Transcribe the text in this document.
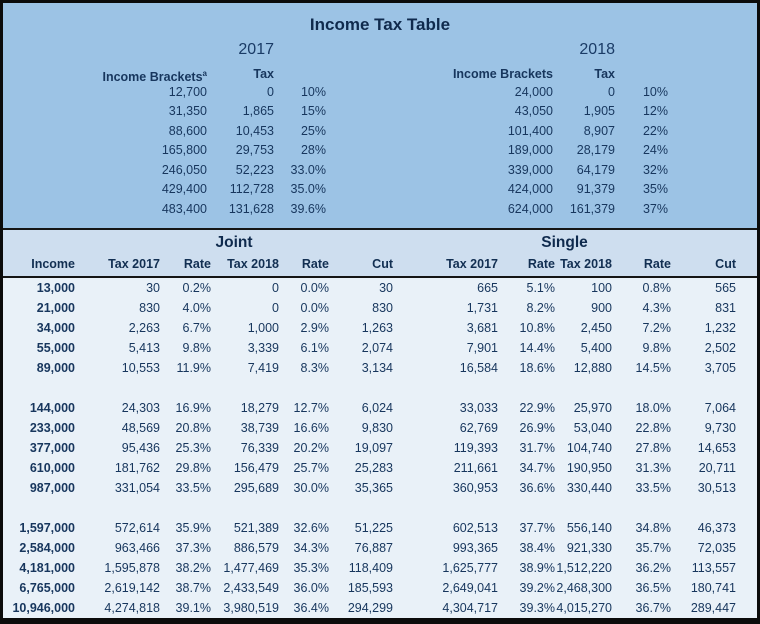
Income Tax Table
2017	2018
Income Brackets$^a$	Tax	Income Brackets	Tax
12,700	0	10%	24,000	0	10%
31,350	1,865	15%	43,050	1,905	12%
88,600	10,453	25%	101,400	8,907	22%
165,800	29,753	28%	189,000	28,179	24%
246,050	52,223	33.0%	339,000	64,179	32%
429,400	112,728	35.0%	424,000	91,379	35%
483,400	131,628	39.6%	624,000	161,379	37%
Joint	Single
Income	Tax 2017	Rate	Tax 2018	Rate	Cut	Tax 2017	Rate Tax 2018	Rate	Cut
13,000	30	0.2%	0	0.0%	30	665	5.1%	100	0.8%	565
21,000	830	4.0%	0	0.0%	830	1,731	8.2%	900	4.3%	831
34,000	2,263	6.7%	1,000	2.9%	1,263	3,681	10.8%	2,450	7.2%	1,232
55,000	5,413	9.8%	3,339	6.1%	2,074	7,901	14.4%	5,400	9.8%	2,502
89,000	10,553	11.9%	7,419	8.3%	3,134	16,584	18.6%	12,880	14.5%	3,705
144,000	24,303	16.9%	18,279	12.7%	6,024	33,033	22.9%	25,970	18.0%	7,064
233,000	48,569	20.8%	38,739	16.6%	9,830	62,769	26.9%	53,040	22.8%	9,730
377,000	95,436	25.3%	76,339	20.2%	19,097	119,393	31.7% 104,740	27.8%	14,653
610,000	181,762	29.8%	156,479	25.7%	25,283	211,661	34.7% 190,950	31.3%	20,711
987,000	331,054	33.5%	295,689	30.0%	35,365	360,953	36.6% 330,440	33.5%	30,513
1,597,000	572,614	35.9%	521,389	32.6%	51,225	602,513	37.7% 556,140	34.8%	46,373
2,584,000	963,466	37.3%	886,579	34.3%	76,887	993,365	38.4% 921,330	35.7%	72,035
4,181,000	1,595,878	38.2% 1,477,469	35.3%	118,409	1,625,777	38.9% 1,512,220	36.2%	113,557
6,765,000	2,619,142	38.7% 2,433,549	36.0%	185,593	2,649,041	39.2% 2,468,300	36.5%	180,741
10,946,000	4,274,818	39.1% 3,980,519	36.4%	294,299	4,304,717	39.3% 4,015,270	36.7%	289,447
